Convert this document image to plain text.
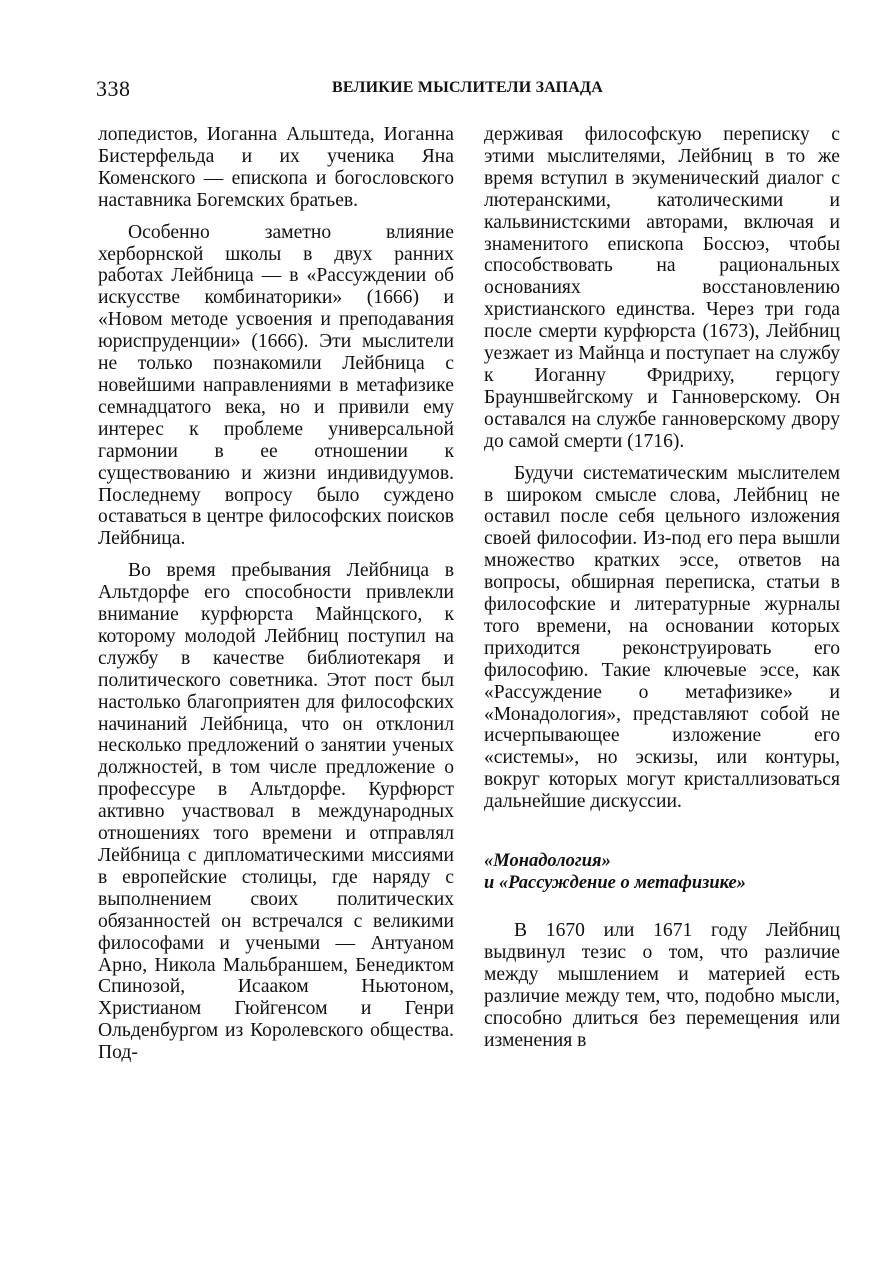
338	ВЕЛИКИЕ МЫСЛИТЕЛИ ЗАПАДА

лопедистов, Иоганна Альштеда, Иоганна Бистерфельда и их ученика Яна Коменского — епископа и богословского наставника Богемских братьев.

Особенно заметно влияние херборнской школы в двух ранних работах Лейбница — в «Рассуждении об искусстве комбинаторики» (1666) и «Новом методе усвоения и преподавания юриспруденции» (1666). Эти мыслители не только познакомили Лейбница с новейшими направлениями в метафизике семнадцатого века, но и привили ему интерес к проблеме универсальной гармонии в ее отношении к существованию и жизни индивидуумов. Последнему вопросу было суждено оставаться в центре философских поисков Лейбница.

Во время пребывания Лейбница в Альтдорфе его способности привлекли внимание курфюрста Майнцского, к которому молодой Лейбниц поступил на службу в качестве библиотекаря и политического советника. Этот пост был настолько благоприятен для философских начинаний Лейбница, что он отклонил несколько предложений о занятии ученых должностей, в том числе предложение о профессуре в Альтдорфе. Курфюрст активно участвовал в международных отношениях того времени и отправлял Лейбница с дипломатическими миссиями в европейские столицы, где наряду с выполнением своих политических обязанностей он встречался с великими философами и учеными — Антуаном Арно, Никола Мальбраншем, Бенедиктом Спинозой, Исааком Ньютоном, Христианом Гюйгенсом и Генри Ольденбургом из Королевского общества. Под-

держивая философскую переписку с этими мыслителями, Лейбниц в то же время вступил в экуменический диалог с лютеранскими, католическими и кальвинистскими авторами, включая и знаменитого епископа Боссюэ, чтобы способствовать на рациональных основаниях восстановлению христианского единства. Через три года после смерти курфюрста (1673), Лейбниц уезжает из Майнца и поступает на службу к Иоганну Фридриху, герцогу Брауншвейгскому и Ганноверскому. Он оставался на службе ганноверскому двору до самой смерти (1716).

Будучи систематическим мыслителем в широком смысле слова, Лейбниц не оставил после себя цельного изложения своей философии. Из-под его пера вышли множество кратких эссе, ответов на вопросы, обширная переписка, статьи в философские и литературные журналы того времени, на основании которых приходится реконструировать его философию. Такие ключевые эссе, как «Рассуждение о метафизике» и «Монадология», представляют собой не исчерпывающее изложение его «системы», но эскизы, или контуры, вокруг которых могут кристаллизоваться дальнейшие дискуссии.

«Монадология»
и «Рассуждение о метафизике»

В 1670 или 1671 году Лейбниц выдвинул тезис о том, что различие между мышлением и материей есть различие между тем, что, подобно мысли, способно длиться без перемещения или изменения в
